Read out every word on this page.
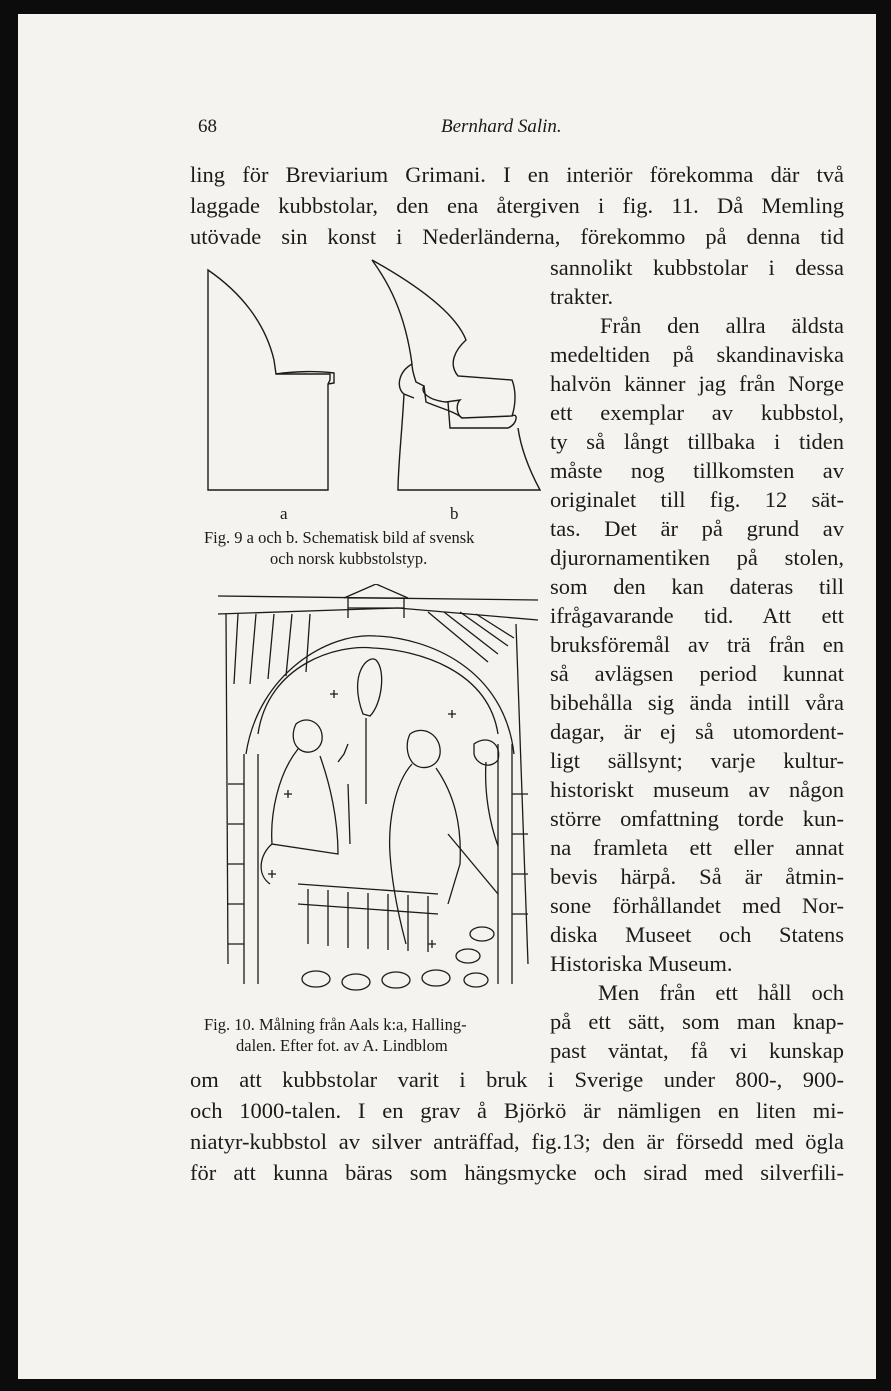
68	Bernhard Salin.
ling för Breviarium Grimani. I en interiör förekomma där två
laggade kubbstolar, den ena återgiven i fig. 11. Då Memling
utövade sin konst i Nederländerna, förekommo på denna tid
sannolikt kubbstolar i dessa
trakter.
Från den allra äldsta
medeltiden på skandinaviska
halvön känner jag från Norge
ett exemplar av kubbstol,
ty så långt tillbaka i tiden
måste nog tillkomsten av
originalet till fig. 12 sät-
tas. Det är på grund av
djurornamentiken på stolen,
som den kan dateras till
ifrågavarande tid. Att ett
bruksföremål av trä från en
så avlägsen period kunnat
bibehålla sig ända intill våra
dagar, är ej så utomordent-
ligt sällsynt; varje kultur-
historiskt museum av någon
större omfattning torde kun-
na framleta ett eller annat
bevis härpå. Så är åtmin-
sone förhållandet med Nor-
diska Museet och Statens
Historiska Museum.
Men från ett håll och
på ett sätt, som man knap-
past väntat, få vi kunskap
om att kubbstolar varit i bruk i Sverige under 800-, 900-
och 1000-talen. I en grav å Björkö är nämligen en liten mi-
niatyr-kubbstol av silver anträffad, fig.13; den är försedd med ögla
för att kunna bäras som hängsmycke och sirad med silverfili-
a	b
Fig. 9 a och b. Schematisk bild af svensk
och norsk kubbstolstyp.
Fig. 10. Målning från Aals k:a, Halling-
dalen. Efter fot. av A. Lindblom
